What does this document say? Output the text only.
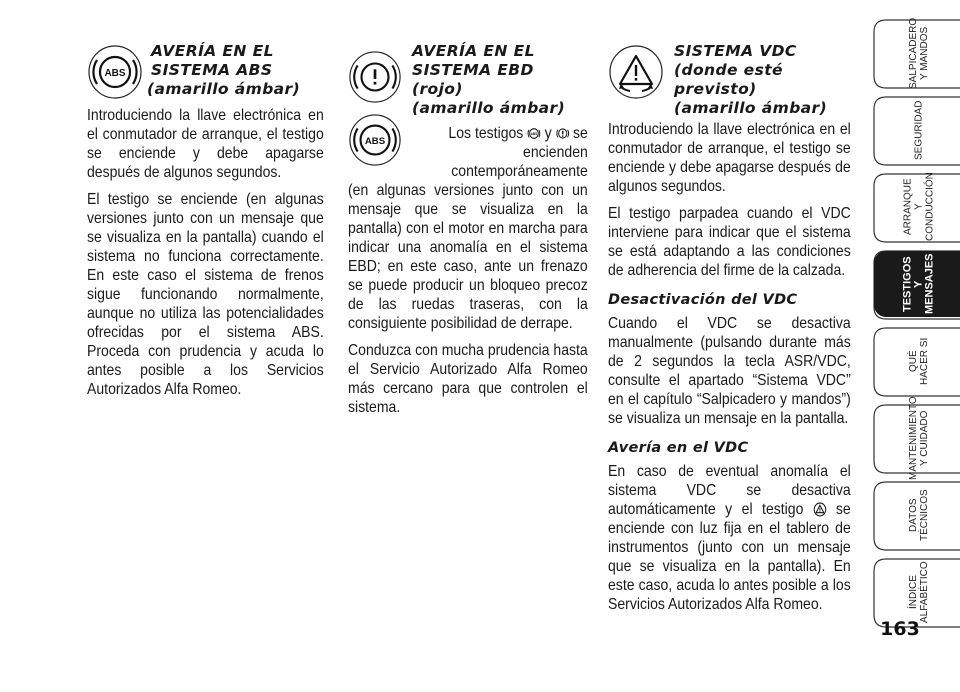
ABS

AVERÍA EN EL

SISTEMA ABS

(amarillo ámbar)

Introduciendo la llave electrónica en el conmutador de arranque, el testigo se enciende y debe apagarse después de algunos segundos.

El testigo se enciende (en algunas versiones junto con un mensaje que se visualiza en la pantalla) cuando el sistema no funciona correctamente. En este caso el sistema de frenos sigue funcionando normalmente, aunque no utiliza las potencialidades ofrecidas por el sistema ABS. Proceda con prudencia y acuda lo antes posible a los Servicios Autorizados Alfa Romeo.

ABS

AVERÍA EN EL

SISTEMA EBD

(rojo)

(amarillo ámbar)

Los testigos ABS y se encienden contemporáneamente

(en algunas versiones junto con un mensaje que se visualiza en la pantalla) con el motor en marcha para indicar una anomalía en el sistema EBD; en este caso, ante un frenazo se puede producir un bloqueo precoz de las ruedas traseras, con la consiguiente posibilidad de derrape.

Conduzca con mucha prudencia hasta el Servicio Autorizado Alfa Romeo más cercano para que controlen el sistema.

SISTEMA VDC

(donde esté

previsto)

(amarillo ámbar)

Introduciendo la llave electrónica en el conmutador de arranque, el testigo se enciende y debe apagarse después de algunos segundos.

El testigo parpadea cuando el VDC interviene para indicar que el sistema se está adaptando a las condiciones de adherencia del firme de la calzada.

Desactivación del VDC

Cuando el VDC se desactiva manualmente (pulsando durante más de 2 segundos la tecla ASR/VDC, consulte el apartado “Sistema VDC” en el capítulo “Salpicadero y mandos”) se visualiza un mensaje en la pantalla.

Avería en el VDC

En caso de eventual anomalía el sistema VDC se desactiva automáticamente y el testigo se enciende con luz fija en el tablero de instrumentos (junto con un mensaje que se visualiza en la pantalla). En este caso, acuda lo antes posible a los Servicios Autorizados Alfa Romeo.

SALPICADERO
Y MANDOS
SEGURIDAD
ARRANQUE
Y CONDUCCIÓN
TESTIGOS
Y MENSAJES
QUÉ
HACER SI
MANTENIMIENTO
Y CUIDADO
DATOS
TÉCNICOS
ÍNDICE
ALFABÉTICO
163
